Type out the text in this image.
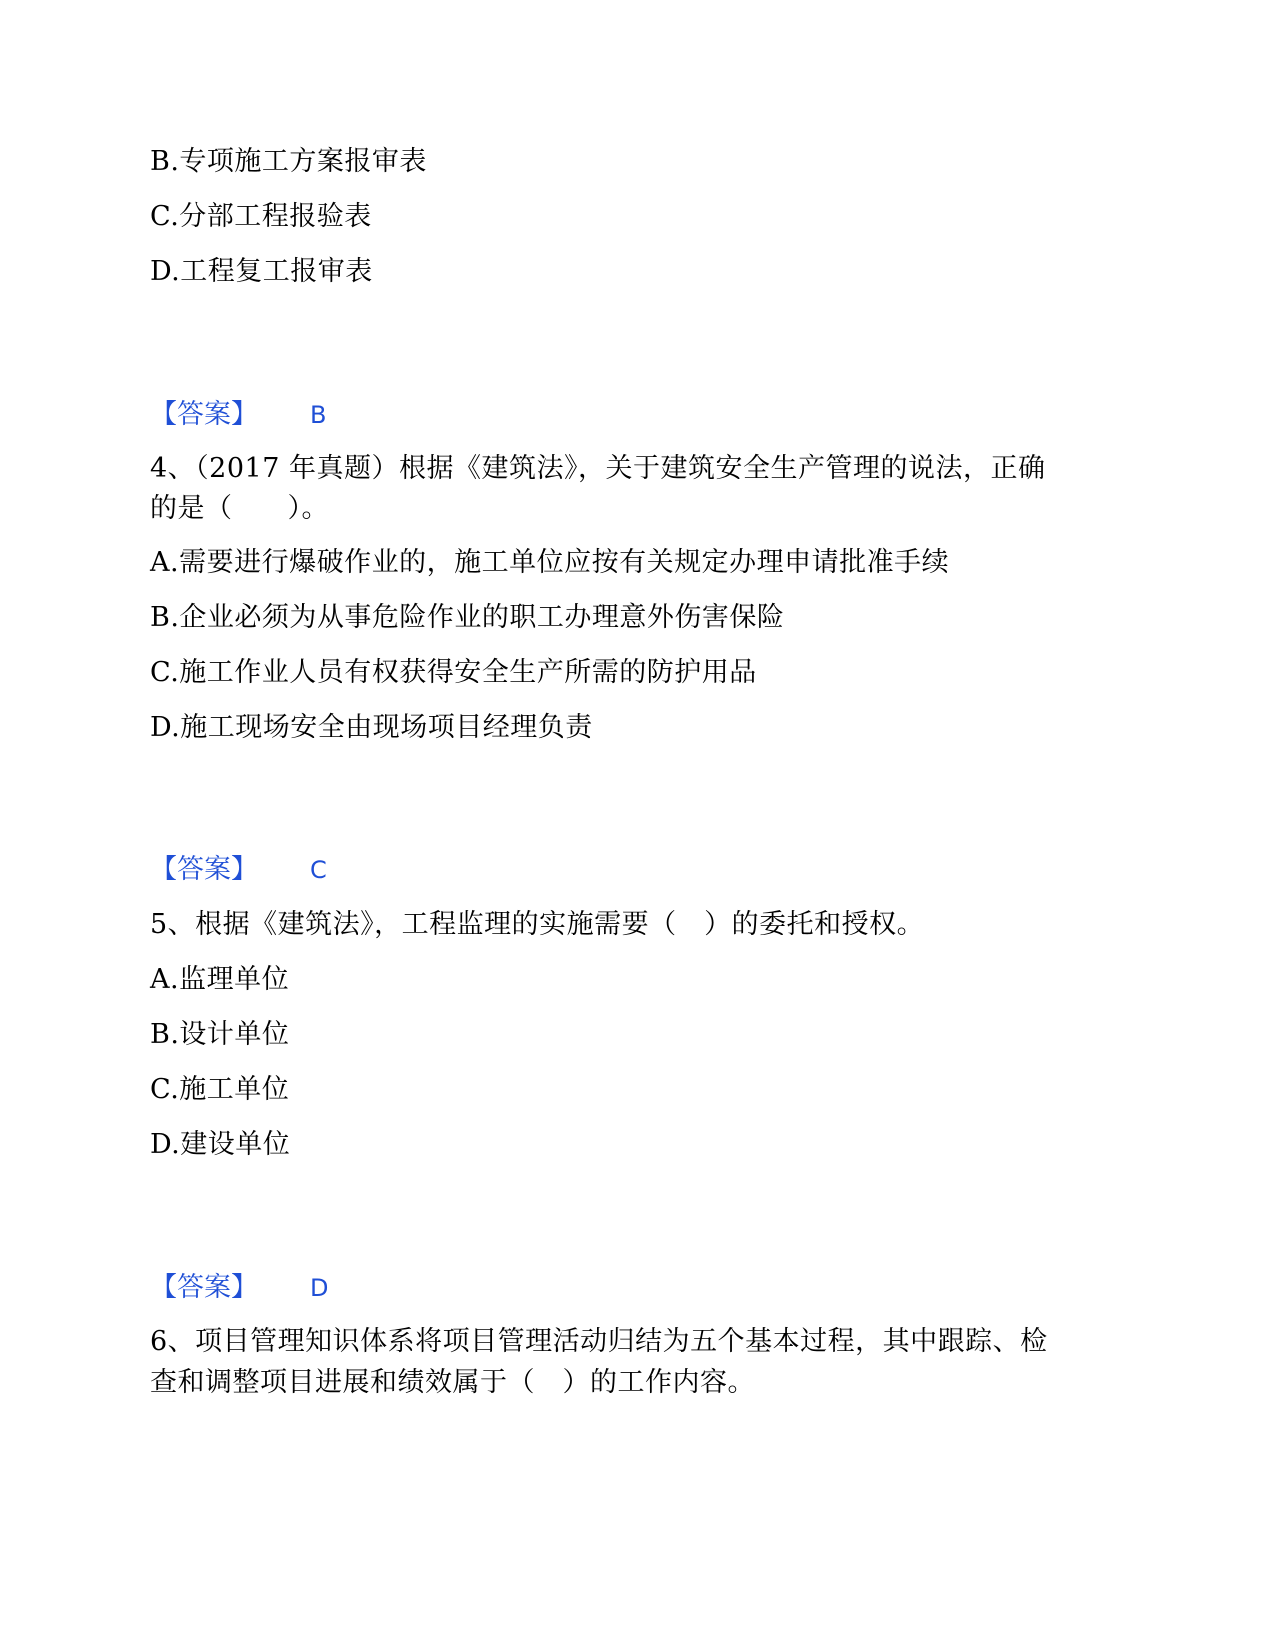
B.专项施工方案报审表
C.分部工程报验表
D.工程复工报审表
【答案】 B
4、（2017 年真题）根据《建筑法》，关于建筑安全生产管理的说法，正确
的是（　　）。
A.需要进行爆破作业的，施工单位应按有关规定办理申请批准手续
B.企业必须为从事危险作业的职工办理意外伤害保险
C.施工作业人员有权获得安全生产所需的防护用品
D.施工现场安全由现场项目经理负责
【答案】 C
5、根据《建筑法》，工程监理的实施需要（　）的委托和授权。
A.监理单位
B.设计单位
C.施工单位
D.建设单位
【答案】 D
6、项目管理知识体系将项目管理活动归结为五个基本过程，其中跟踪、检
查和调整项目进展和绩效属于（　）的工作内容。
